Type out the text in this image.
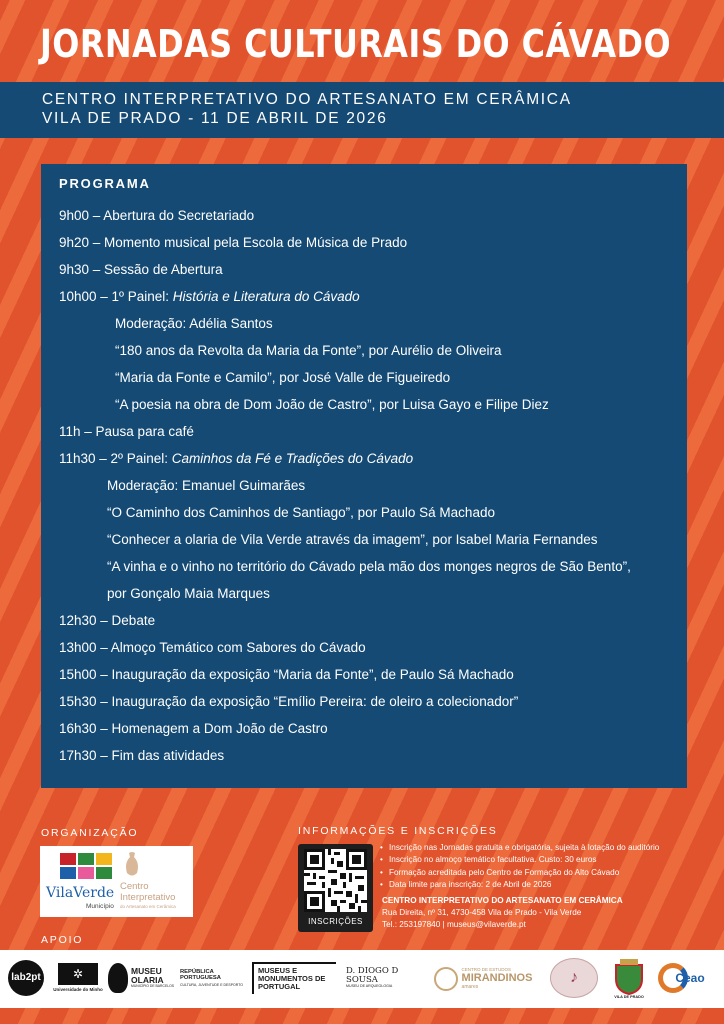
JORNADAS CULTURAIS DO CÁVADO
CENTRO INTERPRETATIVO DO ARTESANATO EM CERÂMICA
VILA DE PRADO - 11 DE ABRIL DE 2026
PROGRAMA
9h00 – Abertura do Secretariado
9h20 – Momento musical pela Escola de Música de Prado
9h30 – Sessão de Abertura
10h00 – 1º Painel: História e Literatura do Cávado
Moderação: Adélia Santos
“180 anos da Revolta da Maria da Fonte”, por Aurélio de Oliveira
“Maria da Fonte e Camilo”, por José Valle de Figueiredo
“A poesia na obra de Dom João de Castro”, por Luisa Gayo e Filipe Diez
11h – Pausa para café
11h30 – 2º Painel: Caminhos da Fé e Tradições do Cávado
Moderação: Emanuel Guimarães
“O Caminho dos Caminhos de Santiago”, por Paulo Sá Machado
“Conhecer a olaria de Vila Verde através da imagem”, por Isabel Maria Fernandes
“A vinha e o vinho no território do Cávado pela mão dos monges negros de São Bento”,
por Gonçalo Maia Marques
12h30 – Debate
13h00 – Almoço Temático com Sabores do Cávado
15h00 – Inauguração da exposição “Maria da Fonte”, de Paulo Sá Machado
15h30 – Inauguração da exposição “Emílio Pereira: de oleiro a colecionador”
16h30 – Homenagem a Dom João de Castro
17h30 – Fim das atividades
ORGANIZAÇÃO
VilaVerde
Município
Centro
Interpretativo
do Artesanato em Cerâmica
INFORMAÇÕES E INSCRIÇÕES
INSCRIÇÕES
• Inscrição nas Jornadas gratuita e obrigatória, sujeita à lotação do auditório
• Inscrição no almoço temático facultativa. Custo: 30 euros
• Formação acreditada pelo Centro de Formação do Alto Cávado
• Data limite para inscrição: 2 de Abril de 2026
CENTRO INTERPRETATIVO DO ARTESANATO EM CERÂMICA
Rua Direita, nº 31, 4730-458 Vila de Prado - Vila Verde
Tel.: 253197840 | museus@vilaverde.pt
APOIO
lab2pt	✲
Universidade do Minho
MUSEU OLARIA
MUNICÍPIO DE BARCELOS
REPÚBLICA PORTUGUESA
CULTURA, JUVENTUDE E DESPORTO
MUSEUS E MONUMENTOS DE PORTUGAL
D. DIOGO D SOUSA
MUSEU DE ARQUEOLOGIA
CENTRO DE ESTUDOS
MIRANDINOS
amares
♪
VILA DE PRADO
Ceao
